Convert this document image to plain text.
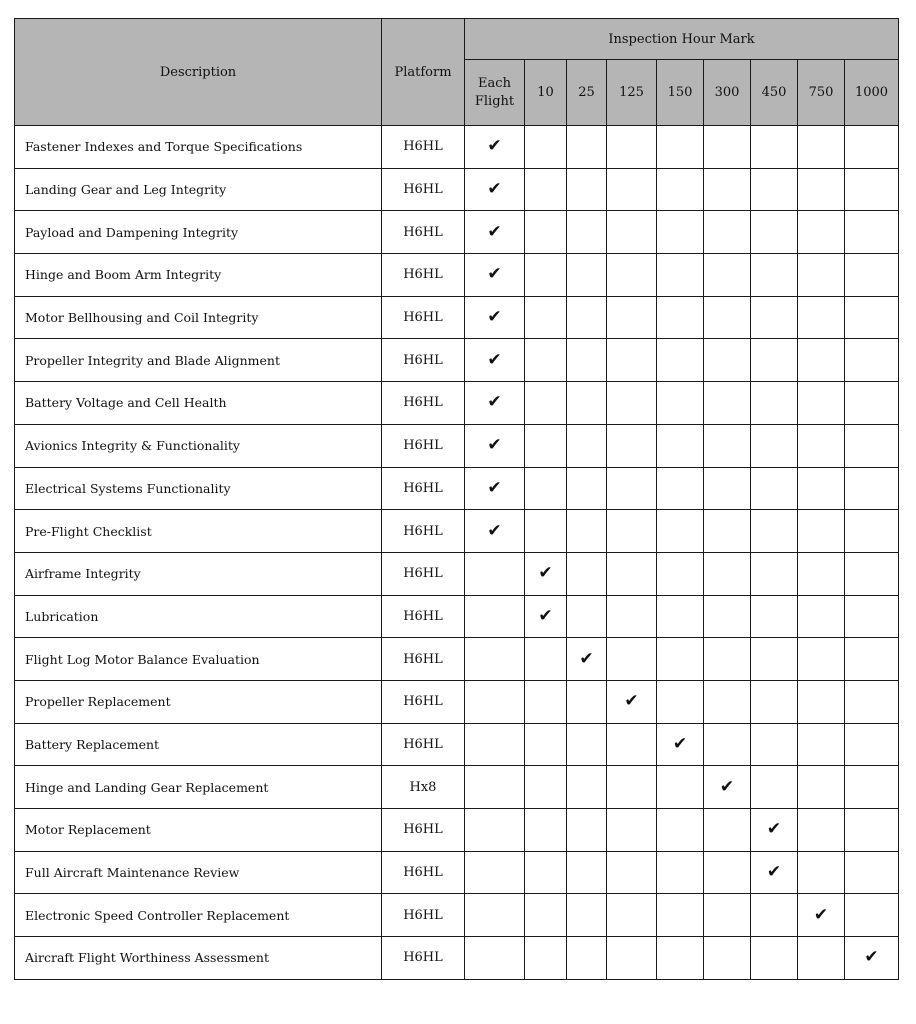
Description	Platform	Inspection Hour Mark								
		Each Flight	10	25	125	150	300	450	750	1000
Fastener Indexes and Torque Specifications	H6HL	✔								
Landing Gear and Leg Integrity	H6HL	✔								
Payload and Dampening Integrity	H6HL	✔								
Hinge and Boom Arm Integrity	H6HL	✔								
Motor Bellhousing and Coil Integrity	H6HL	✔								
Propeller Integrity and Blade Alignment	H6HL	✔								
Battery Voltage and Cell Health	H6HL	✔								
Avionics Integrity & Functionality	H6HL	✔								
Electrical Systems Functionality	H6HL	✔								
Pre-Flight Checklist	H6HL	✔								
Airframe Integrity	H6HL		✔							
Lubrication	H6HL		✔							
Flight Log Motor Balance Evaluation	H6HL			✔						
Propeller Replacement	H6HL				✔					
Battery Replacement	H6HL					✔				
Hinge and Landing Gear Replacement	Hx8						✔			
Motor Replacement	H6HL							✔		
Full Aircraft Maintenance Review	H6HL							✔		
Electronic Speed Controller Replacement	H6HL								✔	
Aircraft Flight Worthiness Assessment	H6HL									✔
